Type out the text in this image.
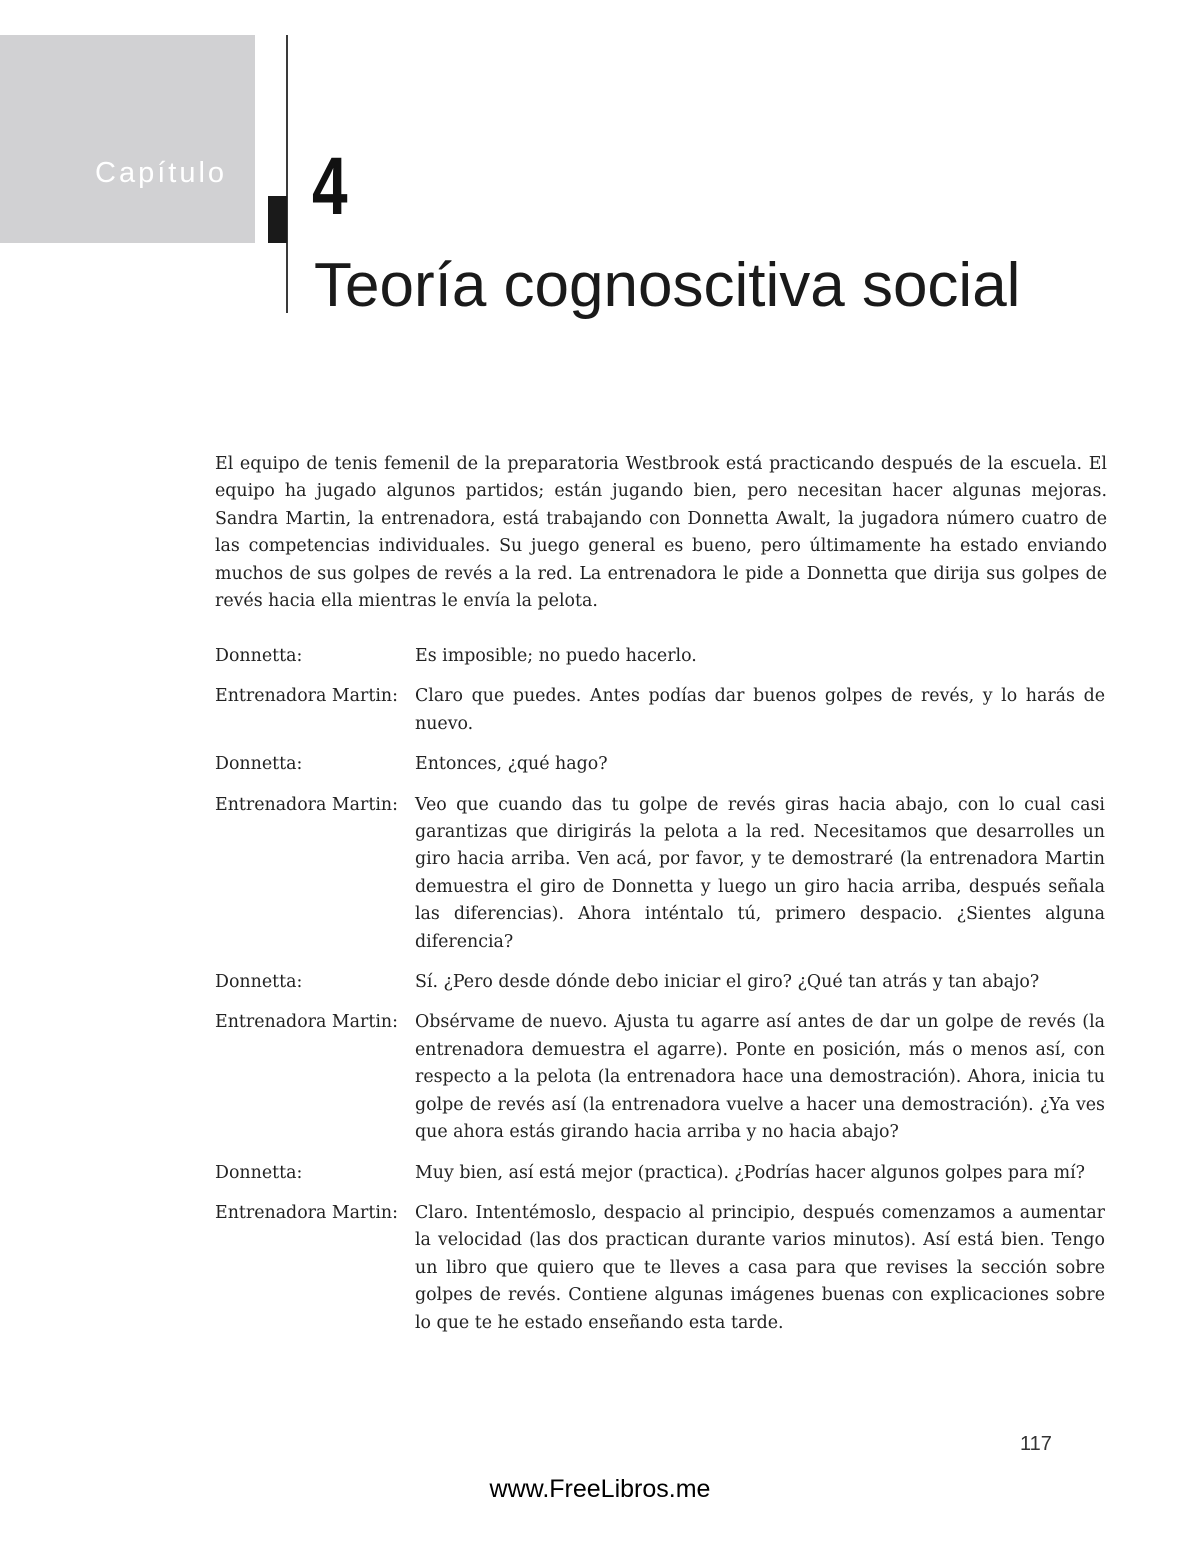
Capítulo 4
Teoría cognoscitiva social

El equipo de tenis femenil de la preparatoria Westbrook está practicando después de la escuela. El equipo ha jugado algunos partidos; están jugando bien, pero necesitan hacer algunas mejoras. Sandra Martin, la entrenadora, está trabajando con Donnetta Awalt, la jugadora número cuatro de las competencias individuales. Su juego general es bueno, pero últimamente ha estado enviando muchos de sus golpes de revés a la red. La entrenadora le pide a Donnetta que dirija sus golpes de revés hacia ella mientras le envía la pelota.

Donnetta:	Es imposible; no puedo hacerlo.
Entrenadora Martin: Claro que puedes. Antes podías dar buenos golpes de revés, y lo harás de nuevo.
Donnetta:	Entonces, ¿qué hago?
Entrenadora Martin: Veo que cuando das tu golpe de revés giras hacia abajo, con lo cual casi garantizas que dirigirás la pelota a la red. Necesitamos que desarrolles un giro hacia arriba. Ven acá, por favor, y te demostraré (la entrenadora Martin demuestra el giro de Donnetta y luego un giro hacia arriba, después señala las diferencias). Ahora inténtalo tú, primero despacio. ¿Sientes alguna diferencia?
Donnetta:	Sí. ¿Pero desde dónde debo iniciar el giro? ¿Qué tan atrás y tan abajo?
Entrenadora Martin: Obsérvame de nuevo. Ajusta tu agarre así antes de dar un golpe de revés (la entrenadora demuestra el agarre). Ponte en posición, más o menos así, con respecto a la pelota (la entrenadora hace una demostración). Ahora, inicia tu golpe de revés así (la entrenadora vuelve a hacer una demostración). ¿Ya ves que ahora estás girando hacia arriba y no hacia abajo?
Donnetta:	Muy bien, así está mejor (practica). ¿Podrías hacer algunos golpes para mí?
Entrenadora Martin: Claro. Intentémoslo, despacio al principio, después comenzamos a aumentar la velocidad (las dos practican durante varios minutos). Así está bien. Tengo un libro que quiero que te lleves a casa para que revises la sección sobre golpes de revés. Contiene algunas imágenes buenas con explicaciones sobre lo que te he estado enseñando esta tarde.
117
www.FreeLibros.me
